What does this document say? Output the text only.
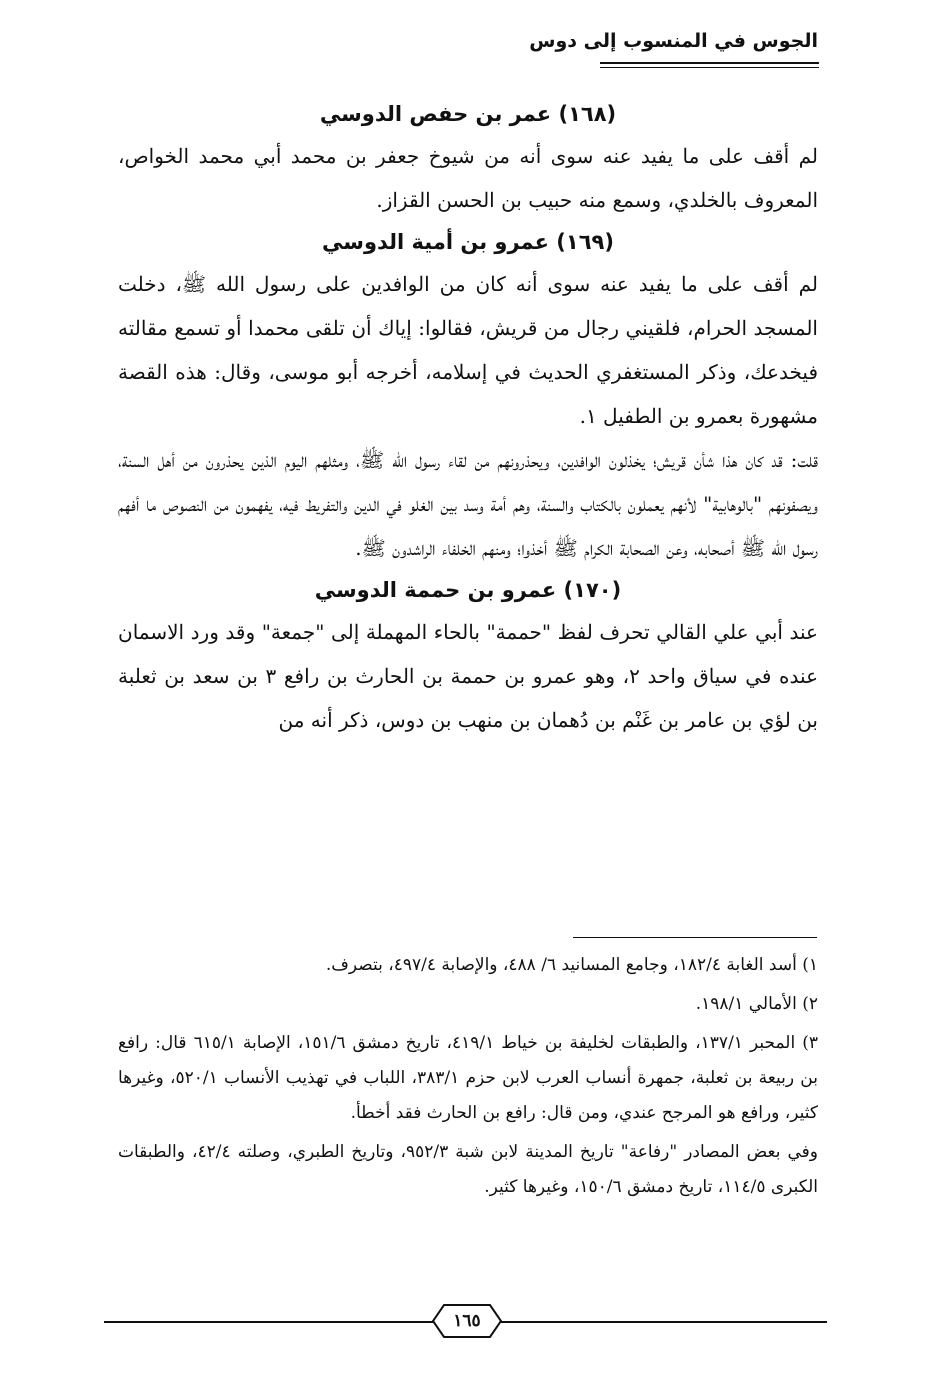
الجوس في المنسوب إلى دوس
(١٦٨) عمر بن حفص الدوسي

لم أقف على ما يفيد عنه سوى أنه من شيوخ جعفر بن محمد أبي محمد الخواص، المعروف بالخلدي، وسمع منه حبيب بن الحسن القزاز.

(١٦٩) عمرو بن أمية الدوسي

لم أقف على ما يفيد عنه سوى أنه كان من الوافدين على رسول الله ﷺ، دخلت المسجد الحرام، فلقيني رجال من قريش، فقالوا: إياك أن تلقى محمدا أو تسمع مقالته فيخدعك، وذكر المستغفري الحديث في إسلامه، أخرجه أبو موسى، وقال: هذه القصة مشهورة بعمرو بن الطفيل ١.

قلت: قد كان هذا شأن قريش؛ يخذلون الوافدين، ويحذرونهم من لقاء رسول الله ﷺ، ومثلهم اليوم الذين يحذرون من أهل السنة، ويصفونهم "بالوهابية" لأنهم يعملون بالكتاب والسنة، وهم أمة وسد بين الغلو في الدين والتفريط فيه، يفهمون من النصوص ما أفهم رسول الله ﷺ أصحابه، وعن الصحابة الكرام ﷺ أخذوا؛ ومنهم الخلفاء الراشدون ﷺ.

(١٧٠) عمرو بن حممة الدوسي

عند أبي علي القالي تحرف لفظ "حممة" بالحاء المهملة إلى "جمعة" وقد ورد الاسمان عنده في سياق واحد ٢، وهو عمرو بن حممة بن الحارث بن رافع ٣ بن سعد بن ثعلبة بن لؤي بن عامر بن غَنْم بن دُهمان بن منهب بن دوس، ذكر أنه من

١) أسد الغابة ١٨٢/٤، وجامع المسانيد ٦/ ٤٨٨، والإصابة ٤٩٧/٤، بتصرف.

٢) الأمالي ١٩٨/١.

٣) المحبر ١٣٧/١، والطبقات لخليفة بن خياط ٤١٩/١، تاريخ دمشق ١٥١/٦، الإصابة ٦١٥/١ قال: رافع بن ربيعة بن ثعلبة، جمهرة أنساب العرب لابن حزم ٣٨٣/١، اللباب في تهذيب الأنساب ٥٢٠/١، وغيرها كثير، ورافع هو المرجح عندي، ومن قال: رافع بن الحارث فقد أخطأ.

وفي بعض المصادر "رفاعة" تاريخ المدينة لابن شبة ٩٥٢/٣، وتاريخ الطبري، وصلته ٤٢/٤، والطبقات الكبرى ١١٤/٥، تاريخ دمشق ١٥٠/٦، وغيرها كثير.

١٦٥
